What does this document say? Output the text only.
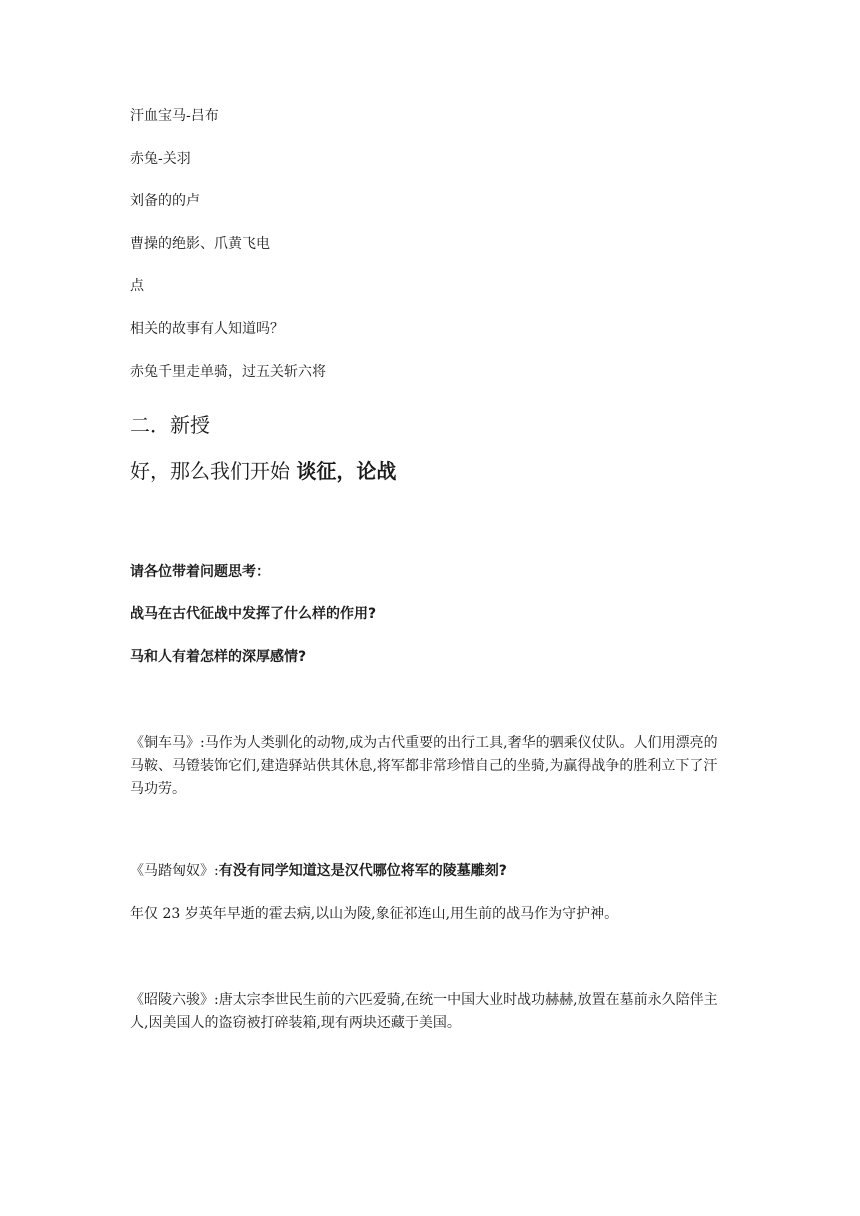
汗血宝马-吕布
赤兔-关羽
刘备的的卢
曹操的绝影、爪黄飞电
点
相关的故事有人知道吗？
赤兔千里走单骑，过五关斩六将
二．新授
好，那么我们开始 谈征，论战
请各位带着问题思考：
战马在古代征战中发挥了什么样的作用?
马和人有着怎样的深厚感情?
《铜车马》:马作为人类驯化的动物,成为古代重要的出行工具,奢华的驷乘仪仗队。人们用漂亮的马鞍、马镫装饰它们,建造驿站供其休息,将军都非常珍惜自己的坐骑,为赢得战争的胜利立下了汗马功劳。
《马踏匈奴》:有没有同学知道这是汉代哪位将军的陵墓雕刻?
年仅 23 岁英年早逝的霍去病,以山为陵,象征祁连山,用生前的战马作为守护神。
《昭陵六骏》:唐太宗李世民生前的六匹爱骑,在统一中国大业时战功赫赫,放置在墓前永久陪伴主人,因美国人的盗窃被打碎装箱,现有两块还藏于美国。
